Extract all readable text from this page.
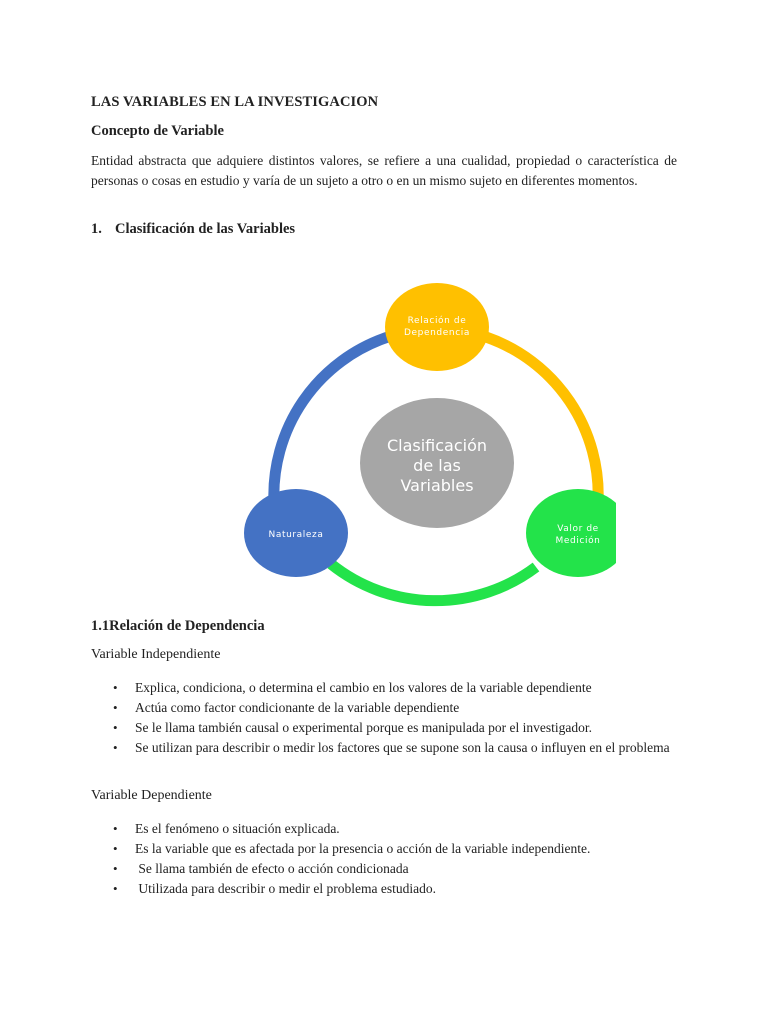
LAS VARIABLES EN LA INVESTIGACION

Concepto de Variable

Entidad abstracta que adquiere distintos valores, se refiere a una cualidad, propiedad o característica de personas o cosas en estudio y varía de un sujeto a otro o en un mismo sujeto en diferentes momentos.

1. Clasificación de las Variables

Clasificación
de las
Variables
Relación de
Dependencia
Valor de
Medición
Naturaleza

1.1Relación de Dependencia

Variable Independiente

• Explica, condiciona, o determina el cambio en los valores de la variable dependiente
• Actúa como factor condicionante de la variable dependiente
• Se le llama también causal o experimental porque es manipulada por el investigador.
• Se utilizan para describir o medir los factores que se supone son la causa o influyen en el problema

Variable Dependiente

• Es el fenómeno o situación explicada.
• Es la variable que es afectada por la presencia o acción de la variable independiente.
• Se llama también de efecto o acción condicionada
• Utilizada para describir o medir el problema estudiado.
